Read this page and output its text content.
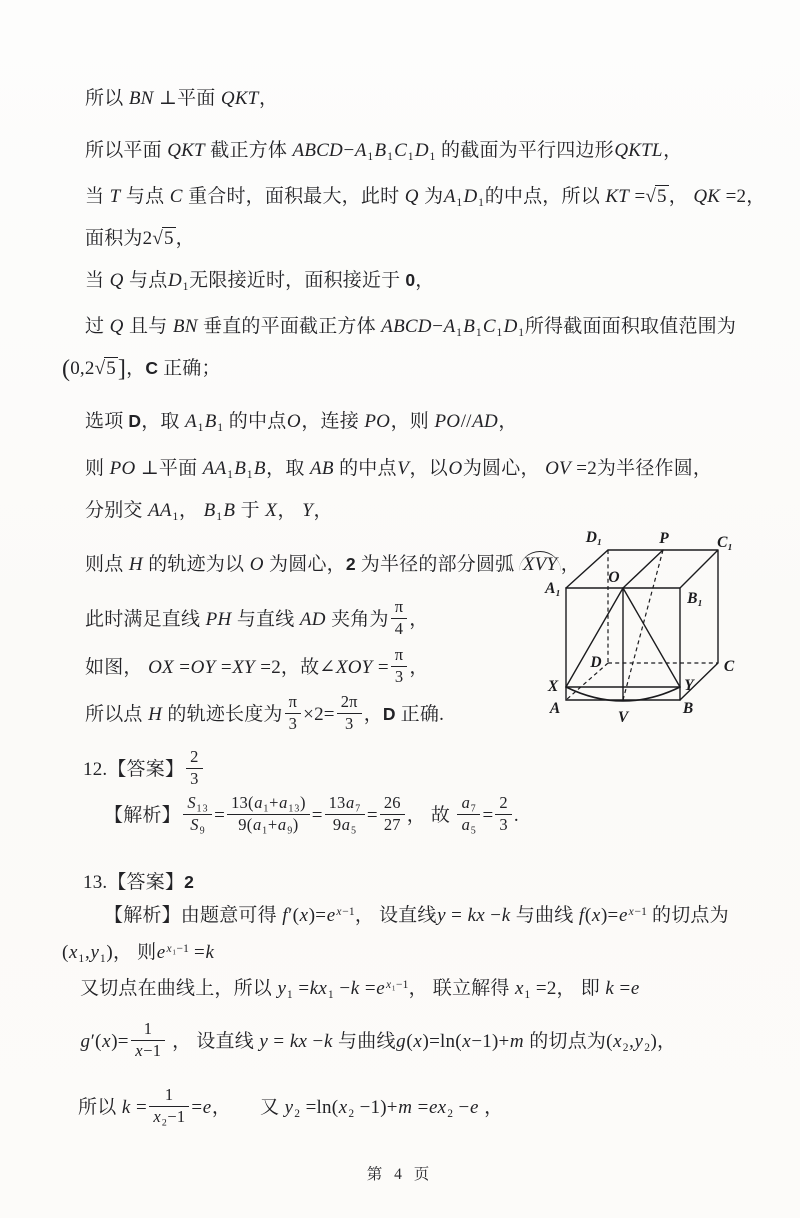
所以 BN ⊥平面 QKT，
所以平面 QKT 截正方体 ABCD−A₁B₁C₁D₁ 的截面为平行四边形QKTL，
当 T 与点 C 重合时，面积最大，此时 Q 为A₁D₁的中点，所以 KT =√5 ， QK =2，
面积为2√5 ，
当 Q 与点D₁无限接近时，面积接近于 0，
过 Q 且与 BN 垂直的平面截正方体 ABCD−A₁B₁C₁D₁所得截面面积取值范围为
(0,2√5]，C 正确；
选项 D，取 A₁B₁ 的中点O，连接 PO，则 PO//AD，
则 PO ⊥平面 AA₁B₁B，取 AB 的中点V，以O为圆心， OV =2为半径作圆，
分别交 AA₁， B₁B 于 X， Y，
则点 H 的轨迹为以 O 为圆心，2 为半径的部分圆弧 XVY ，
此时满足直线 PH 与直线 AD 夹角为 $\frac{\pi}{4}$ ，
如图， OX =OY =XY =2，故∠XOY = $\frac{\pi}{3}$ ，
所以点 H 的轨迹长度为 $\frac{\pi}{3} \times 2= \frac{2\pi}{3}$ ，D 正确.
12.【答案】 $\frac{2}{3}$
【解析】 $\frac{\text{S₁₃}}{\text{S₉}} = \frac{\text{13(a₁+a₁₃)}}{\text{9(a₁+a₉)}} = \frac{\text{13a₇}}{\text{9a₅}} = \frac{26}{27}$ ， 故 $\frac{\text{a₇}}{\text{a₅}} = \frac{2}{3}$ .
13.【答案】2
【解析】由题意可得 $f'(x)=e^{x-1}$， 设直线y = kx −k 与曲线 $f(x)=e^{x-1}$ 的切点为
(x₁,y₁)， 则$e^{x_1-1} =k$
又切点在曲线上，所以 $y_1 =kx_1 -k =e^{x_1-1}$， 联立解得 x₁ =2， 即 k =e
$g'(x)= \frac{1}{x-1}$ ， 设直线 y = kx −k 与曲线g(x)=ln(x−1)+m 的切点为(x₂,y₂)，
所以 $k = \frac{1}{\text{x₂−1}} =e$，　　又 y₂ =ln(x₂ −1)+m =ex₂ −e ，
D₁	P	C₁
A₁
O
B₁
D	C
X	Y
A
V
B
第 4 页
